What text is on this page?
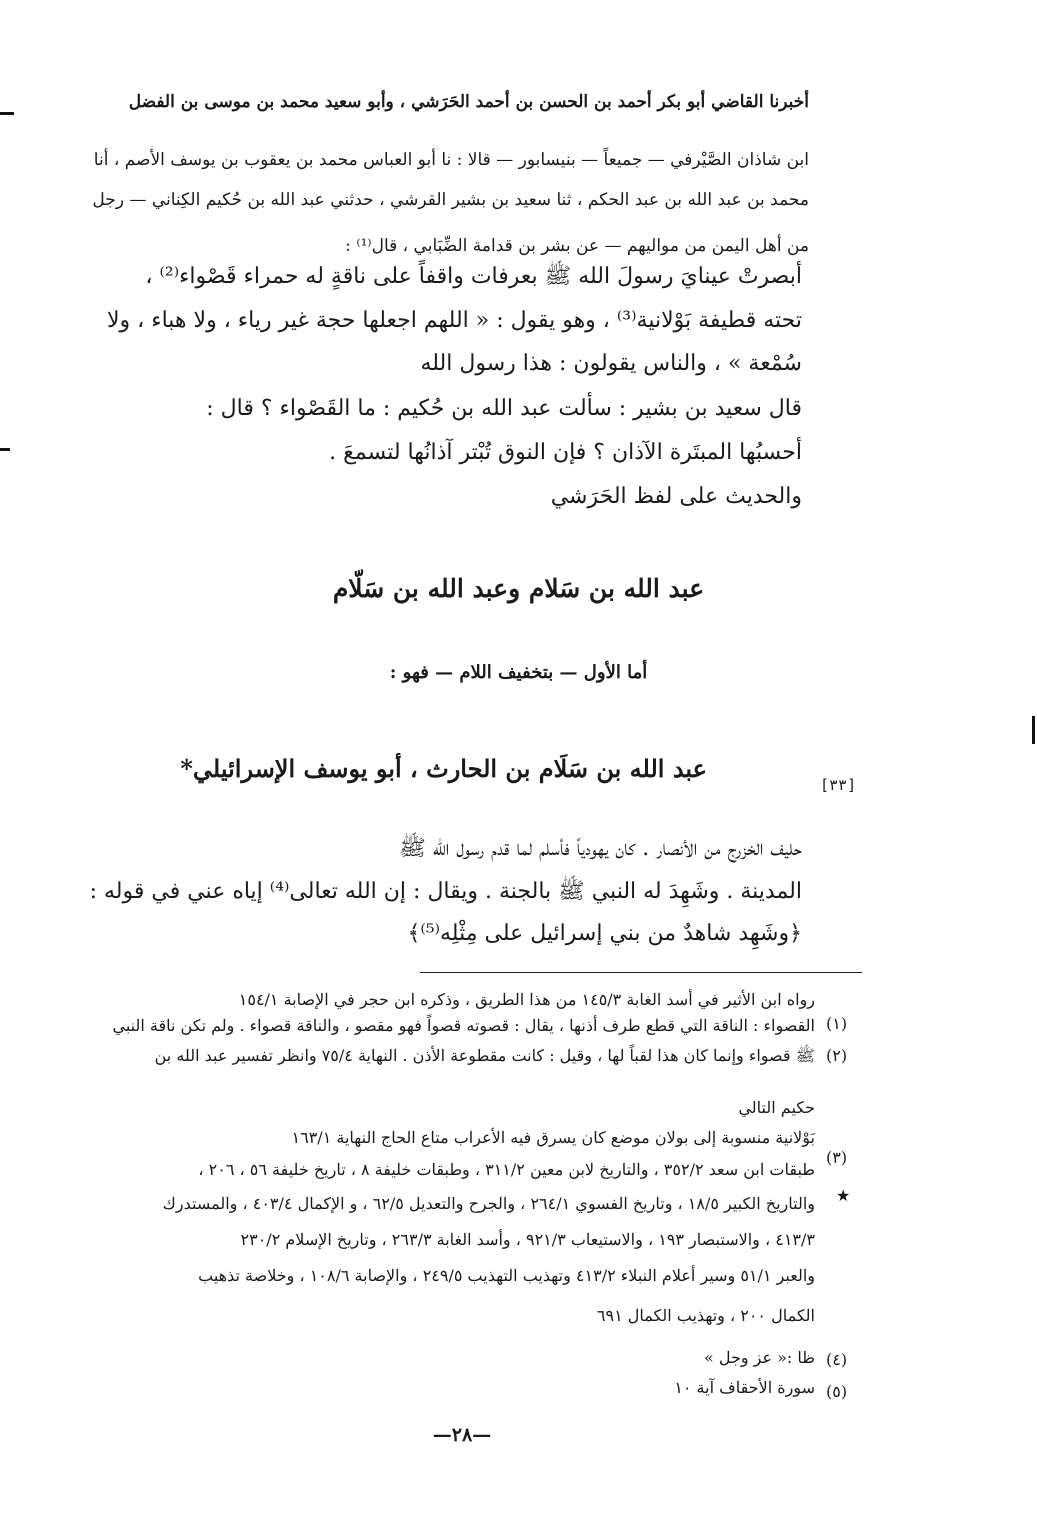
أخبرنا القاضي أبو بكر أحمد بن الحسن بن أحمد الحَرَشي ، وأبو سعيد محمد بن موسى بن الفضل
ابن شاذان الصَّيْرفي — جميعاً — بنيسابور — قالا : نا أبو العباس محمد بن يعقوب بن يوسف الأصم ، أنا
محمد بن عبد الله بن عبد الحكم ، ثنا سعيد بن بشير القرشي ، حدثني عبد الله بن حُكيم الكِناني — رجل
من أهل اليمن من مواليهم — عن بشر بن قدامة الضِّبَابي ، قال⁽¹⁾ :
أبصرتْ عينايَ رسولَ الله ﷺ بعرفات واقفاً على ناقةٍ له حمراء قَصْواء⁽²⁾ ،
تحته قطيفة بَوْلانية⁽³⁾ ، وهو يقول : « اللهم اجعلها حجة غير رياء ، ولا هباء ، ولا
سُمْعة » ، والناس يقولون : هذا رسول الله
قال سعيد بن بشير : سألت عبد الله بن حُكيم : ما القَصْواء ؟ قال :
أحسبُها المبتَرة الآذان ؟ فإن النوق تُبْتر آذانُها لتسمعَ .
والحديث على لفظ الحَرَشي
عبد الله بن سَلام وعبد الله بن سَلّام
أما الأول — بتخفيف اللام — فهو :
[٣٣]
عبد الله بن سَلَام بن الحارث ، أبو يوسف الإسرائيلي*
حليف الخزرج من الأنصار . كان يهودياً فأسلم لما قدم رسول الله ﷺ
المدينة . وشَهِدَ له النبي ﷺ بالجنة . ويقال : إن الله تعالى⁽⁴⁾ إياه عني في قوله :
﴿وشَهِد شاهدٌ من بني إسرائيل على مِثْلِه⁽⁵⁾﴾
(١)
رواه ابن الأثير في أسد الغابة ١٤٥/٣ من هذا الطريق ، وذكره ابن حجر في الإصابة ١٥٤/١
(٢)
القصواء : الناقة التي قطع طرف أذنها ، يقال : قصوته قصواً فهو مقصو ، والناقة قصواء . ولم تكن ناقة النبي
ﷺ قصواء وإنما كان هذا لقباً لها ، وقيل : كانت مقطوعة الأذن . النهاية ٧٥/٤ وانظر تفسير عبد الله بن
حكيم التالي
(٣)
بَوْلانية منسوبة إلى بولان موضع كان يسرق فيه الأعراب متاع الحاج النهاية ١٦٣/١
★
طبقات ابن سعد ٣٥٢/٢ ، والتاريخ لابن معين ٣١١/٢ ، وطبقات خليفة ٨ ، تاريخ خليفة ٥٦ ، ٢٠٦ ،
والتاريخ الكبير ١٨/٥ ، وتاريخ الفسوي ٢٦٤/١ ، والجرح والتعديل ٦٢/٥ ، و الإكمال ٤٠٣/٤ ، والمستدرك
٤١٣/٣ ، والاستبصار ١٩٣ ، والاستيعاب ٩٢١/٣ ، وأسد الغابة ٢٦٣/٣ ، وتاريخ الإسلام ٢٣٠/٢
والعبر ٥١/١ وسير أعلام النبلاء ٤١٣/٢ وتهذيب التهذيب ٢٤٩/٥ ، والإصابة ١٠٨/٦ ، وخلاصة تذهيب
الكمال ٢٠٠ ، وتهذيب الكمال ٦٩١
(٤)
ظا :« عز وجل »
(٥)
سورة الأحقاف آية ١٠
—٢٨—
